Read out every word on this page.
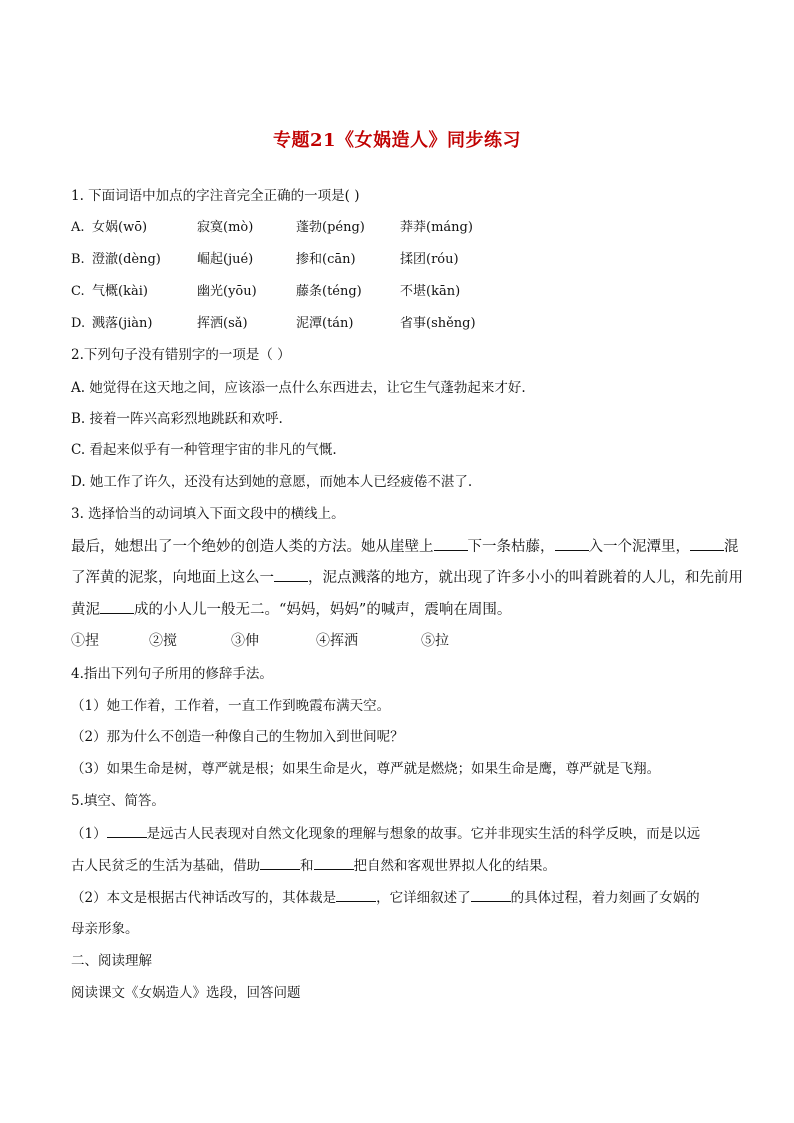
专题21《女娲造人》同步练习
1. 下面词语中加点的字注音完全正确的一项是( )
A. 女娲(wō)	寂寞(mò)	蓬勃(péng)	莽莽(máng)
B. 澄澈(dèng)	崛起(jué)	掺和(cān)	揉团(róu)
C. 气概(kài)	幽光(yōu)	藤条(téng)	不堪(kān)
D. 溅落(jiàn)	挥洒(sǎ)	泥潭(tán)	省事(shěng)
2.下列句子没有错别字的一项是（ ）
A. 她觉得在这天地之间，应该添一点什么东西进去，让它生气蓬勃起来才好.
B. 接着一阵兴高彩烈地跳跃和欢呼.
C. 看起来似乎有一种管理宇宙的非凡的气慨.
D. 她工作了许久，还没有达到她的意愿，而她本人已经疲倦不湛了.
3. 选择恰当的动词填入下面文段中的横线上。
最后，她想出了一个绝妙的创造人类的方法。她从崖壁上 下一条枯藤， 入一个泥潭里， 混
了浑黄的泥浆，向地面上这么一 ，泥点溅落的地方，就出现了许多小小的叫着跳着的人儿，和先前用
黄泥 成的小人儿一般无二。“妈妈，妈妈”的喊声，震响在周围。
①捏	②搅	③伸	④挥洒	⑤拉
4.指出下列句子所用的修辞手法。
（1）她工作着，工作着，一直工作到晚霞布满天空。
（2）那为什么不创造一种像自己的生物加入到世间呢？
（3）如果生命是树，尊严就是根；如果生命是火，尊严就是燃烧；如果生命是鹰，尊严就是飞翔。
5.填空、简答。
（1）	是远古人民表现对自然文化现象的理解与想象的故事。它并非现实生活的科学反映，而是以远
古人民贫乏的生活为基础，借助	和	把自然和客观世界拟人化的结果。
（2）本文是根据古代神话改写的，其体裁是	，它详细叙述了	的具体过程，着力刻画了女娲的
母亲形象。
二、阅读理解
阅读课文《女娲造人》选段，回答问题
